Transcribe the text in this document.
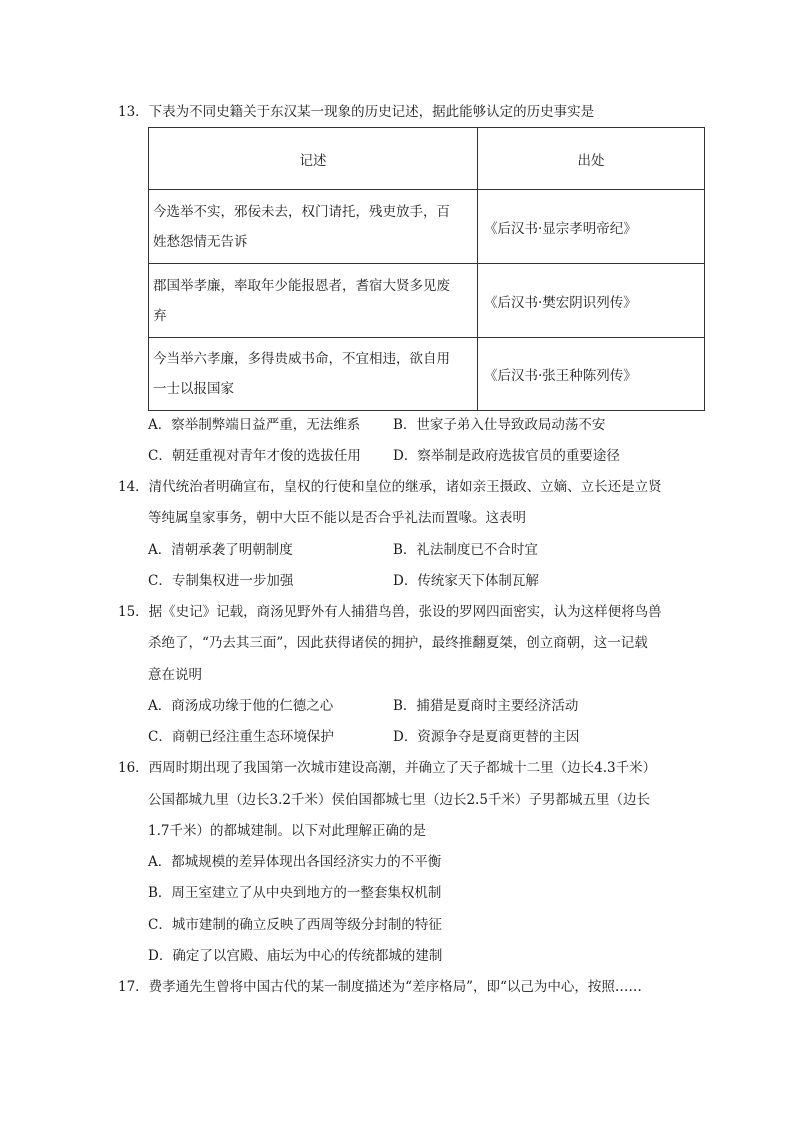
13．下表为不同史籍关于东汉某一现象的历史记述，据此能够认定的历史事实是
记述	出处

今选举不实，邪佞未去，权门请托，残吏放手，百
姓愁怨情无告诉	《后汉书·显宗孝明帝纪》

郡国举孝廉，率取年少能报恩者，耆宿大贤多见废
弃	《后汉书·樊宏阴识列传》

今当举六孝廉，多得贵威书命，不宜相违，欲自用
一士以报国家	《后汉书·张王种陈列传》
A．察举制弊端日益严重，无法维系 B．世家子弟入仕导致政局动荡不安
C．朝廷重视对青年才俊的选拔任用 D．察举制是政府选拔官员的重要途径
14．清代统治者明确宣布，皇权的行使和皇位的继承，诸如亲王摄政、立嫡、立长还是立贤
等纯属皇家事务，朝中大臣不能以是否合乎礼法而置喙。这表明
A．清朝承袭了明朝制度	B．礼法制度已不合时宜
C．专制集权进一步加强	D．传统家天下体制瓦解
15．据《史记》记载，商汤见野外有人捕猎鸟兽，张设的罗网四面密实，认为这样便将鸟兽
杀绝了，“乃去其三面”，因此获得诸侯的拥护，最终推翻夏桀，创立商朝，这一记载
意在说明
A．商汤成功缘于他的仁德之心	B．捕猎是夏商时主要经济活动
C．商朝已经注重生态环境保护	D．资源争夺是夏商更替的主因
16．西周时期出现了我国第一次城市建设高潮，并确立了天子都城十二里（边长4.3千米）
公国都城九里（边长3.2千米）侯伯国都城七里（边长2.5千米）子男都城五里（边长
1.7千米）的都城建制。以下对此理解正确的是
A．都城规模的差异体现出各国经济实力的不平衡
B．周王室建立了从中央到地方的一整套集权机制
C．城市建制的确立反映了西周等级分封制的特征
D．确定了以宫殿、庙坛为中心的传统都城的建制
17．费孝通先生曾将中国古代的某一制度描述为“差序格局”，即“以己为中心，按照……
